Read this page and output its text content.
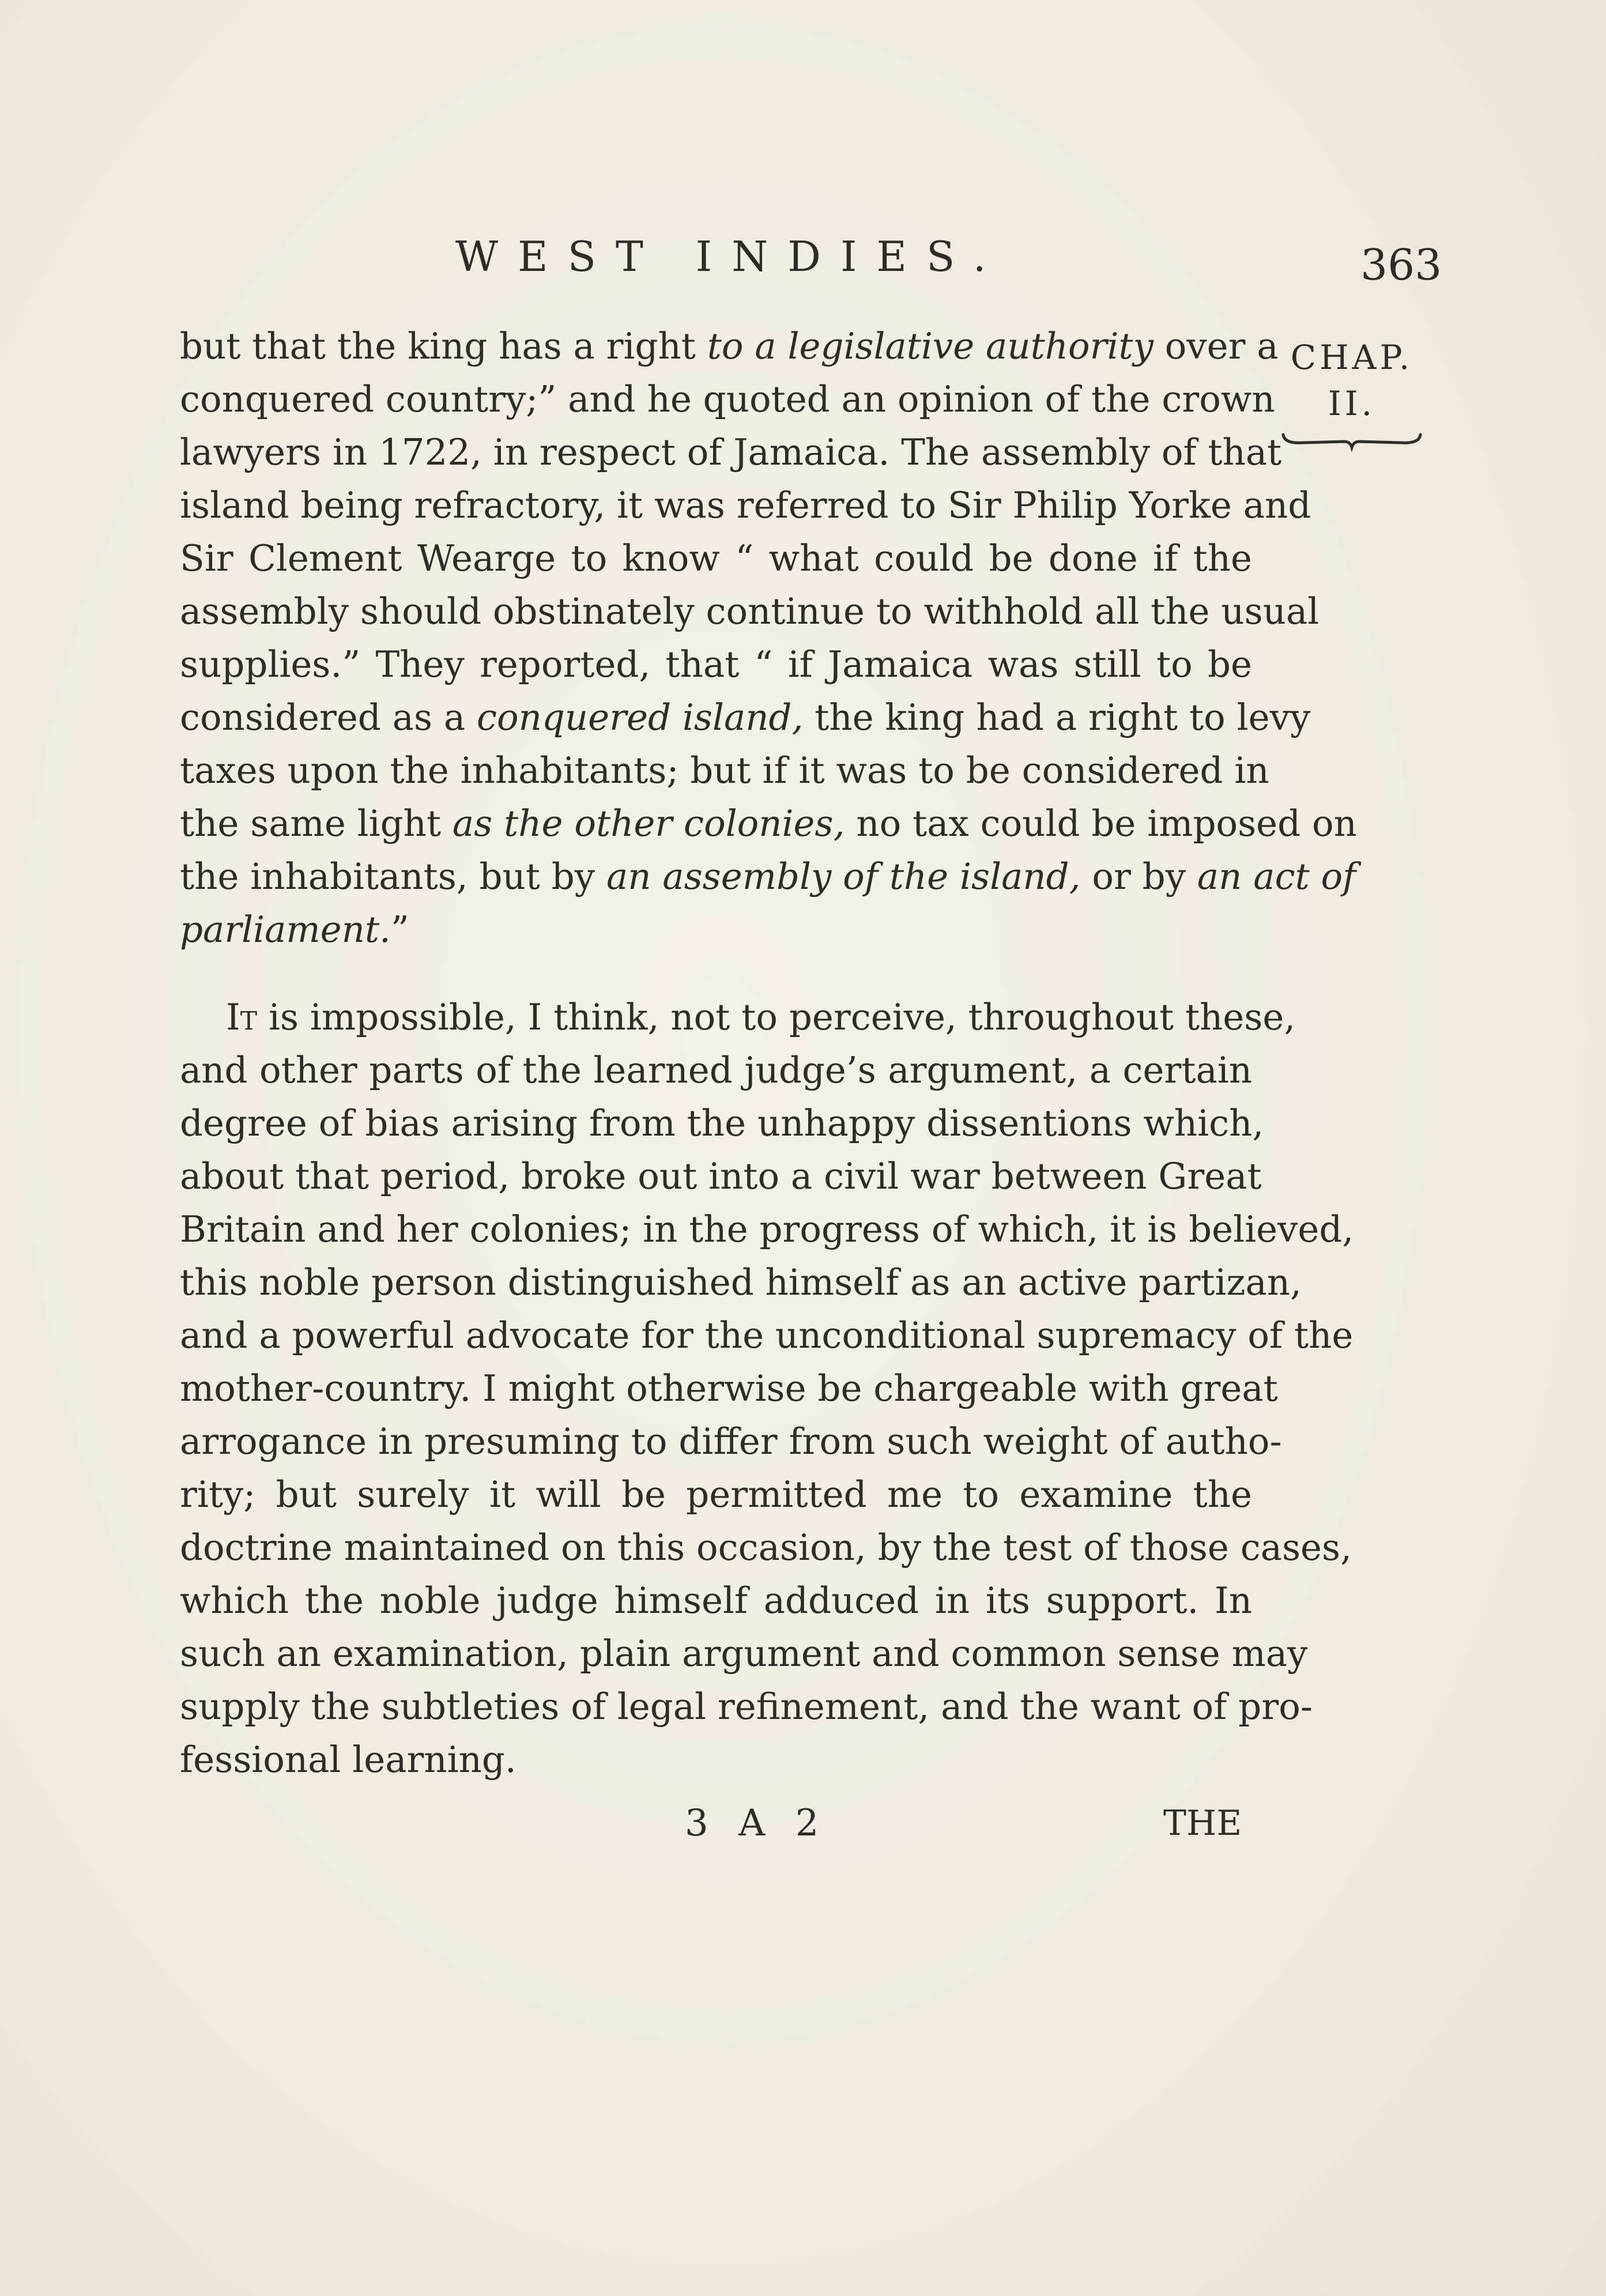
WEST INDIES.	363
CHAP.
II.
but that the king has a right to a legislative authority over a
conquered country;” and he quoted an opinion of the crown
lawyers in 1722, in respect of Jamaica. The assembly of that
island being refractory, it was referred to Sir Philip Yorke and
Sir Clement Wearge to know “ what could be done if the
assembly should obstinately continue to withhold all the usual
supplies.” They reported, that “ if Jamaica was still to be
considered as a conquered island, the king had a right to levy
taxes upon the inhabitants; but if it was to be considered in
the same light as the other colonies, no tax could be imposed on
the inhabitants, but by an assembly of the island, or by an act of
parliament.”
It is impossible, I think, not to perceive, throughout these,
and other parts of the learned judge’s argument, a certain
degree of bias arising from the unhappy dissentions which,
about that period, broke out into a civil war between Great
Britain and her colonies; in the progress of which, it is believed,
this noble person distinguished himself as an active partizan,
and a powerful advocate for the unconditional supremacy of the
mother-country. I might otherwise be chargeable with great
arrogance in presuming to differ from such weight of autho-
rity; but surely it will be permitted me to examine the
doctrine maintained on this occasion, by the test of those cases,
which the noble judge himself adduced in its support. In
such an examination, plain argument and common sense may
supply the subtleties of legal refinement, and the want of pro-
fessional learning.
3 A 2	THE
